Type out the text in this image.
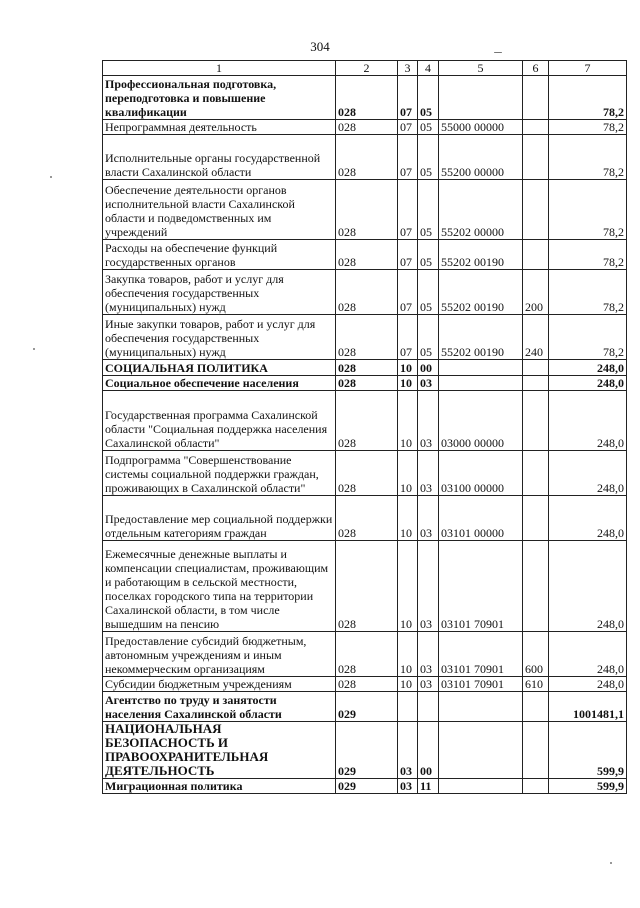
304
1	2	3	4	5	6	7
Профессиональная подготовка, переподготовка и повышение квалификации	028	07	05			78,2
Непрограммная деятельность	028	07	05	55000 00000		78,2
Исполнительные органы государственной власти Сахалинской области	028	07	05	55200 00000		78,2
Обеспечение деятельности органов исполнительной власти Сахалинской области и подведомственных им учреждений	028	07	05	55202 00000		78,2
Расходы на обеспечение функций государственных органов	028	07	05	55202 00190		78,2
Закупка товаров, работ и услуг для обеспечения государственных (муниципальных) нужд	028	07	05	55202 00190	200	78,2
Иные закупки товаров, работ и услуг для обеспечения государственных (муниципальных) нужд	028	07	05	55202 00190	240	78,2
СОЦИАЛЬНАЯ ПОЛИТИКА	028	10	00			248,0
Социальное обеспечение населения	028	10	03			248,0
Государственная программа Сахалинской области "Социальная поддержка населения Сахалинской области"	028	10	03	03000 00000		248,0
Подпрограмма "Совершенствование системы социальной поддержки граждан, проживающих в Сахалинской области"	028	10	03	03100 00000		248,0
Предоставление мер социальной поддержки отдельным категориям граждан	028	10	03	03101 00000		248,0
Ежемесячные денежные выплаты и компенсации специалистам, проживающим и работающим в сельской местности, поселках городского типа на территории Сахалинской области, в том числе вышедшим на пенсию	028	10	03	03101 70901		248,0
Предоставление субсидий бюджетным, автономным учреждениям и иным некоммерческим организациям	028	10	03	03101 70901	600	248,0
Субсидии бюджетным учреждениям	028	10	03	03101 70901	610	248,0
Агентство по труду и занятости населения Сахалинской области	029					1001481,1
НАЦИОНАЛЬНАЯ БЕЗОПАСНОСТЬ И ПРАВООХРАНИТЕЛЬНАЯ ДЕЯТЕЛЬНОСТЬ	029	03	00			599,9
Миграционная политика	029	03	11			599,9
